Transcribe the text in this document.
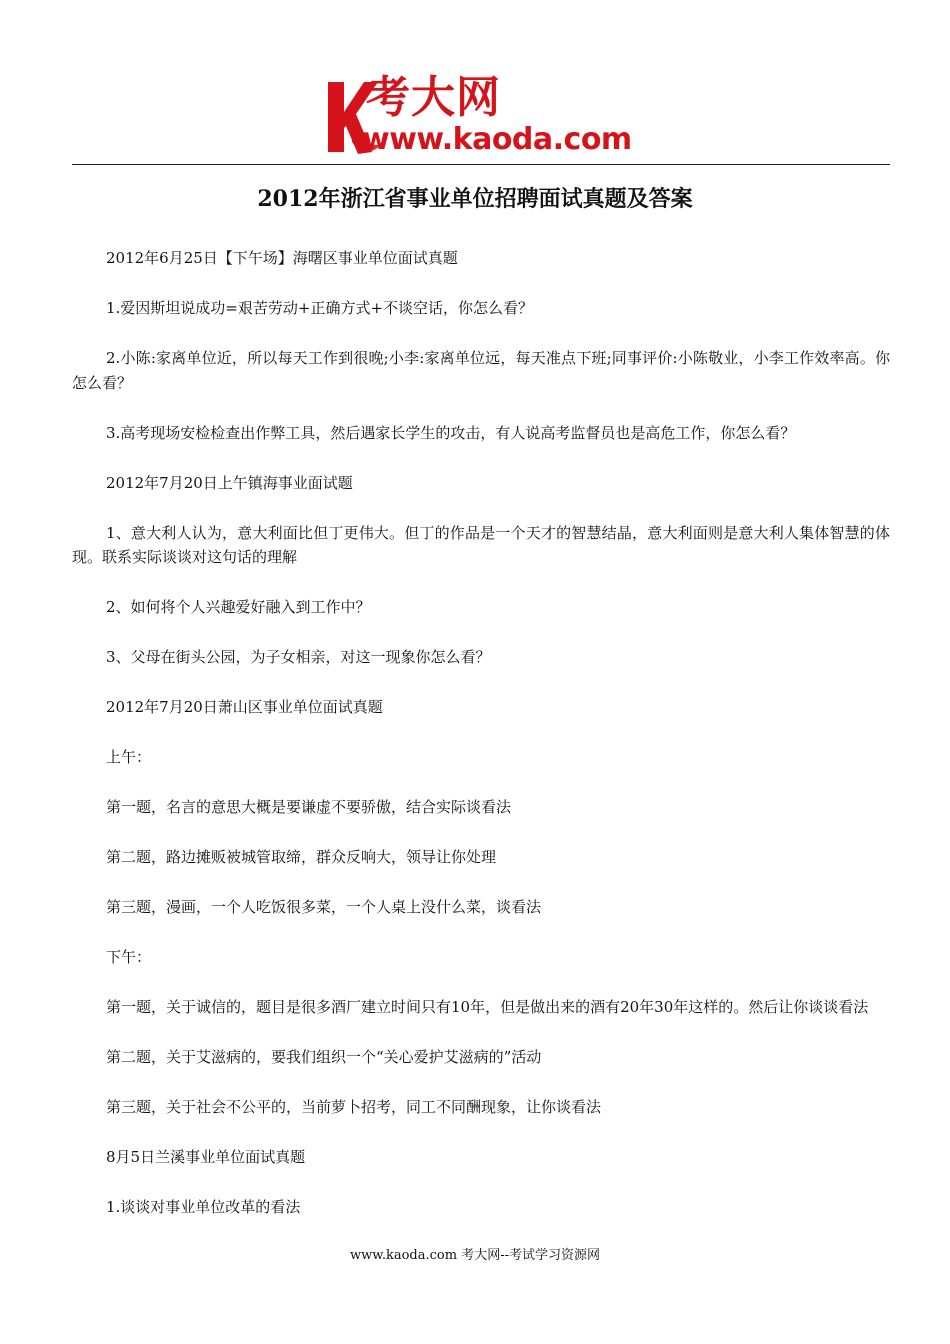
考大网
www.kaoda.com
2012年浙江省事业单位招聘面试真题及答案

2012年6月25日【下午场】海曙区事业单位面试真题

1.爱因斯坦说成功=艰苦劳动+正确方式+不谈空话，你怎么看？

2.小陈:家离单位近，所以每天工作到很晚;小李:家离单位远，每天准点下班;同事评价:小陈敬业，小李工作效率高。你怎么看？

3.高考现场安检检查出作弊工具，然后遇家长学生的攻击，有人说高考监督员也是高危工作，你怎么看？

2012年7月20日上午镇海事业面试题

1、意大利人认为，意大利面比但丁更伟大。但丁的作品是一个天才的智慧结晶，意大利面则是意大利人集体智慧的体现。联系实际谈谈对这句话的理解

2、如何将个人兴趣爱好融入到工作中？

3、父母在街头公园，为子女相亲，对这一现象你怎么看？

2012年7月20日萧山区事业单位面试真题

上午：

第一题，名言的意思大概是要谦虚不要骄傲，结合实际谈看法

第二题，路边摊贩被城管取缔，群众反响大，领导让你处理

第三题，漫画，一个人吃饭很多菜，一个人桌上没什么菜，谈看法

下午：

第一题，关于诚信的，题目是很多酒厂建立时间只有10年，但是做出来的酒有20年30年这样的。然后让你谈谈看法

第二题，关于艾滋病的，要我们组织一个“关心爱护艾滋病的”活动

第三题，关于社会不公平的，当前萝卜招考，同工不同酬现象，让你谈看法

8月5日兰溪事业单位面试真题

1.谈谈对事业单位改革的看法

www.kaoda.com 考大网--考试学习资源网
